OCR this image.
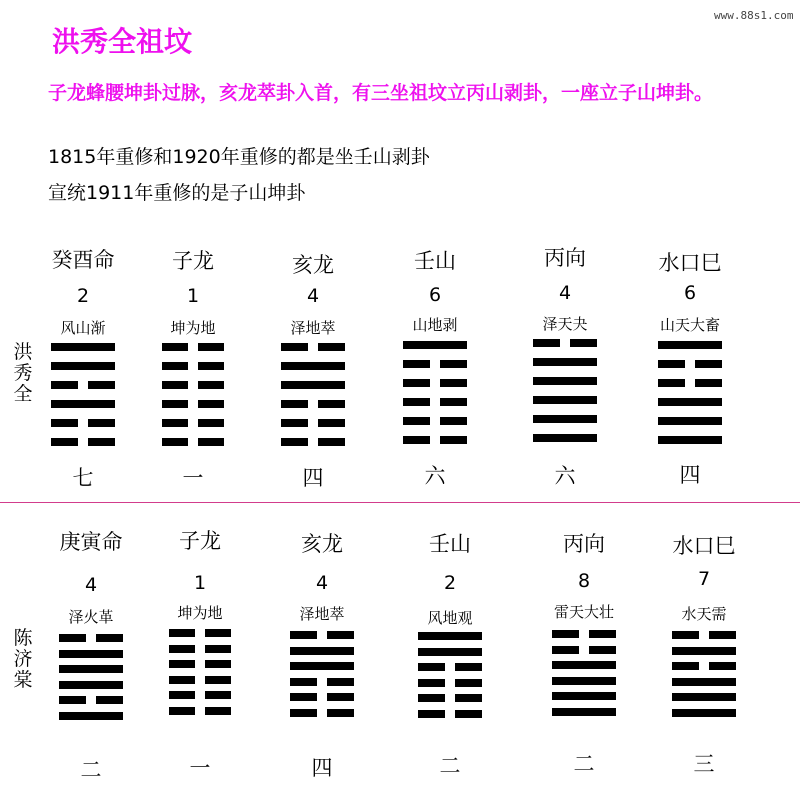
www.88s1.com
洪秀全祖坟
子龙蜂腰坤卦过脉，亥龙萃卦入首，有三坐祖坟立丙山剥卦，一座立子山坤卦。
1815年重修和1920年重修的都是坐壬山剥卦
宣统1911年重修的是子山坤卦
洪
秀
全
陈
济
棠
癸酉命
2
风山渐
七
子龙
1
坤为地
一
亥龙
4
泽地萃
四
壬山
6
山地剥
六
丙向
4
泽天夬
六
水口巳
6
山天大畜
四
庚寅命
4
泽火革
二
子龙
1
坤为地
一
亥龙
4
泽地萃
四
壬山
2
风地观
二
丙向
8
雷天大壮
二
水口巳
7
水天需
三
